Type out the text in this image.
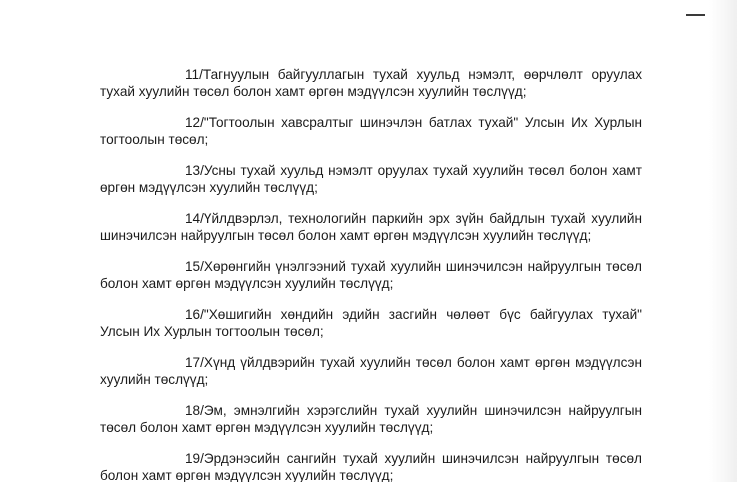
11/Тагнуулын байгууллагын тухай хуульд нэмэлт, өөрчлөлт оруулах тухай хуулийн төсөл болон хамт өргөн мэдүүлсэн хуулийн төслүүд;

12/"Тогтоолын хавсралтыг шинэчлэн батлах тухай" Улсын Их Хурлын тогтоолын төсөл;

13/Усны тухай хуульд нэмэлт оруулах тухай хуулийн төсөл болон хамт өргөн мэдүүлсэн хуулийн төслүүд;

14/Үйлдвэрлэл, технологийн паркийн эрх зүйн байдлын тухай хуулийн шинэчилсэн найруулгын төсөл болон хамт өргөн мэдүүлсэн хуулийн төслүүд;

15/Хөрөнгийн үнэлгээний тухай хуулийн шинэчилсэн найруулгын төсөл болон хамт өргөн мэдүүлсэн хуулийн төслүүд;

16/"Хөшигийн хөндийн эдийн засгийн чөлөөт бүс байгуулах тухай" Улсын Их Хурлын тогтоолын төсөл;

17/Хүнд үйлдвэрийн тухай хуулийн төсөл болон хамт өргөн мэдүүлсэн хуулийн төслүүд;

18/Эм, эмнэлгийн хэрэгслийн тухай хуулийн шинэчилсэн найруулгын төсөл болон хамт өргөн мэдүүлсэн хуулийн төслүүд;

19/Эрдэнэсийн сангийн тухай хуулийн шинэчилсэн найруулгын төсөл болон хамт өргөн мэдүүлсэн хуулийн төслүүд;
